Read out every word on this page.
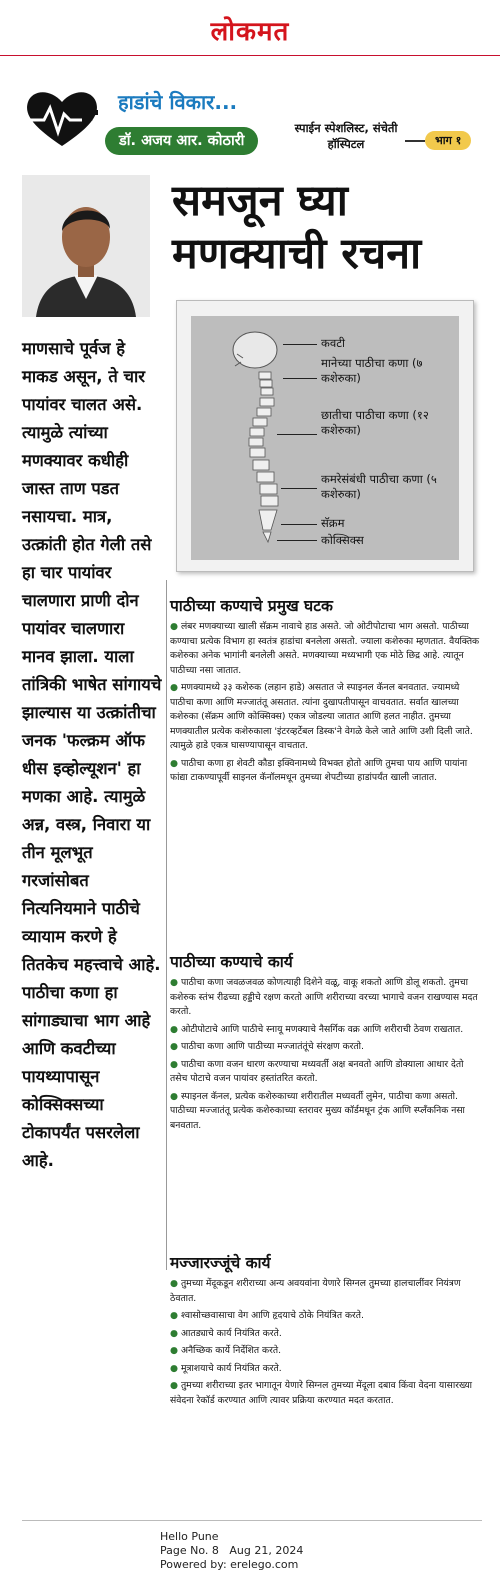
लोकमत
हाडांचे विकार...
डॉ. अजय आर. कोठारी
स्पाईन स्पेशलिस्ट, संचेती हॉस्पिटल	भाग १
समजून घ्या
मणक्याची रचना

माणसाचे पूर्वज हे माकड असून, ते चार पायांवर चालत असे. त्यामुळे त्यांच्या मणक्यावर कधीही जास्त ताण पडत नसायचा. मात्र, उत्क्रांती होत गेली तसे हा चार पायांवर चालणारा प्राणी दोन पायांवर चालणारा मानव झाला. याला तांत्रिकी भाषेत सांगायचे झाल्यास या उत्क्रांतीचा जनक 'फल्क्रम ऑफ धीस इव्होल्यूशन' हा मणका आहे. त्यामुळे अन्न, वस्त्र, निवारा या तीन मूलभूत गरजांसोबत नित्यनियमाने पाठीचे व्यायाम करणे हे तितकेच महत्त्वाचे आहे. पाठीचा कणा हा सांगाड्याचा भाग आहे आणि कवटीच्या पायथ्यापासून कोक्सिक्सच्या टोकापर्यंत पसरलेला आहे.

कवटी
मानेच्या पाठीचा कणा (७ कशेरुका)
छातीचा पाठीचा कणा (१२ कशेरुका)
कमरेसंबंधी पाठीचा कणा (५ कशेरुका)
सॅक्रम
कोक्सिक्स
पाठीच्या कण्याचे प्रमुख घटक
● लंबर मणक्याच्या खाली सॅक्रम नावाचे हाड असते. जो ओटीपोटाचा भाग असतो. पाठीच्या कण्याचा प्रत्येक विभाग हा स्वतंत्र हाडांचा बनलेला असतो. ज्याला कशेरुका म्हणतात. वैयक्तिक कशेरुका अनेक भागांनी बनलेली असते. मणक्याच्या मध्यभागी एक मोठे छिद्र आहे. त्यातून पाठीच्या नसा जातात.
● मणक्यामध्ये ३३ कशेरुक (लहान हाडे) असतात जे स्पाइनल कॅनल बनवतात. ज्यामध्ये पाठीचा कणा आणि मज्जातंतू असतात. त्यांना दुखापतीपासून वाचवतात. सर्वात खालच्या कशेरुका (सॅक्रम आणि कोक्सिक्स) एकत्र जोडल्या जातात आणि हलत नाहीत. तुमच्या मणक्यातील प्रत्येक कशेरुकाला 'इंटरव्हर्टेबल डिस्क'ने वेगळे केले जाते आणि उशी दिली जाते. त्यामुळे हाडे एकत्र घासण्यापासून वाचतात.
● पाठीचा कणा हा शेवटी कौडा इक्विनामध्ये विभक्त होतो आणि तुमचा पाय आणि पायांना फांद्या टाकण्यापूर्वी साइनल कॅनॉलमधून तुमच्या शेपटीच्या हाडांपर्यंत खाली जातात.
पाठीच्या कण्याचे कार्य
● पाठीचा कणा जवळजवळ कोणत्याही दिशेने वळू, वाकू शकतो आणि डोलू शकतो. तुमचा कशेरुक स्तंभ रीढच्या हड्डीचे रक्षण करतो आणि शरीराच्या वरच्या भागाचे वजन राखण्यास मदत करतो.
● ओटीपोटाचे आणि पाठीचे स्नायू मणक्याचे नैसर्गिक वक्र आणि शरीराची ठेवण राखतात.
● पाठीचा कणा आणि पाठीच्या मज्जातंतूंचे संरक्षण करतो.
● पाठीचा कणा वजन धारण करण्याचा मध्यवर्ती अक्ष बनवतो आणि डोक्याला आधार देतो तसेच पोटाचे वजन पायांवर हस्तांतरित करतो.
● स्पाइनल कॅनल, प्रत्येक कशेरुकाच्या शरीरातील मध्यवर्ती लुमेन, पाठीचा कणा असतो. पाठीच्या मज्जातंतू प्रत्येक कशेरुकाच्या स्तरावर मुख्य कॉर्डमधून ट्रंक आणि स्प्लँकनिक नसा बनवतात.
मज्जारज्जूंचे कार्य
● तुमच्या मेंदूकडून शरीराच्या अन्य अवयवांना येणारे सिग्नल तुमच्या हालचालींवर नियंत्रण ठेवतात.
● श्वासोच्छवासाचा वेग आणि हृदयाचे ठोके नियंत्रित करते.
● आतड्याचे कार्य नियंत्रित करते.
● अनैच्छिक कार्ये निर्देशित करते.
● मूत्राशयाचे कार्य नियंत्रित करते.
● तुमच्या शरीराच्या इतर भागातून येणारे सिग्नल तुमच्या मेंदूला दबाव किंवा वेदना यासारख्या संवेदना रेकॉर्ड करण्यात आणि त्यावर प्रक्रिया करण्यात मदत करतात.
Hello Pune
Page No. 8 Aug 21, 2024
Powered by: erelego.com
